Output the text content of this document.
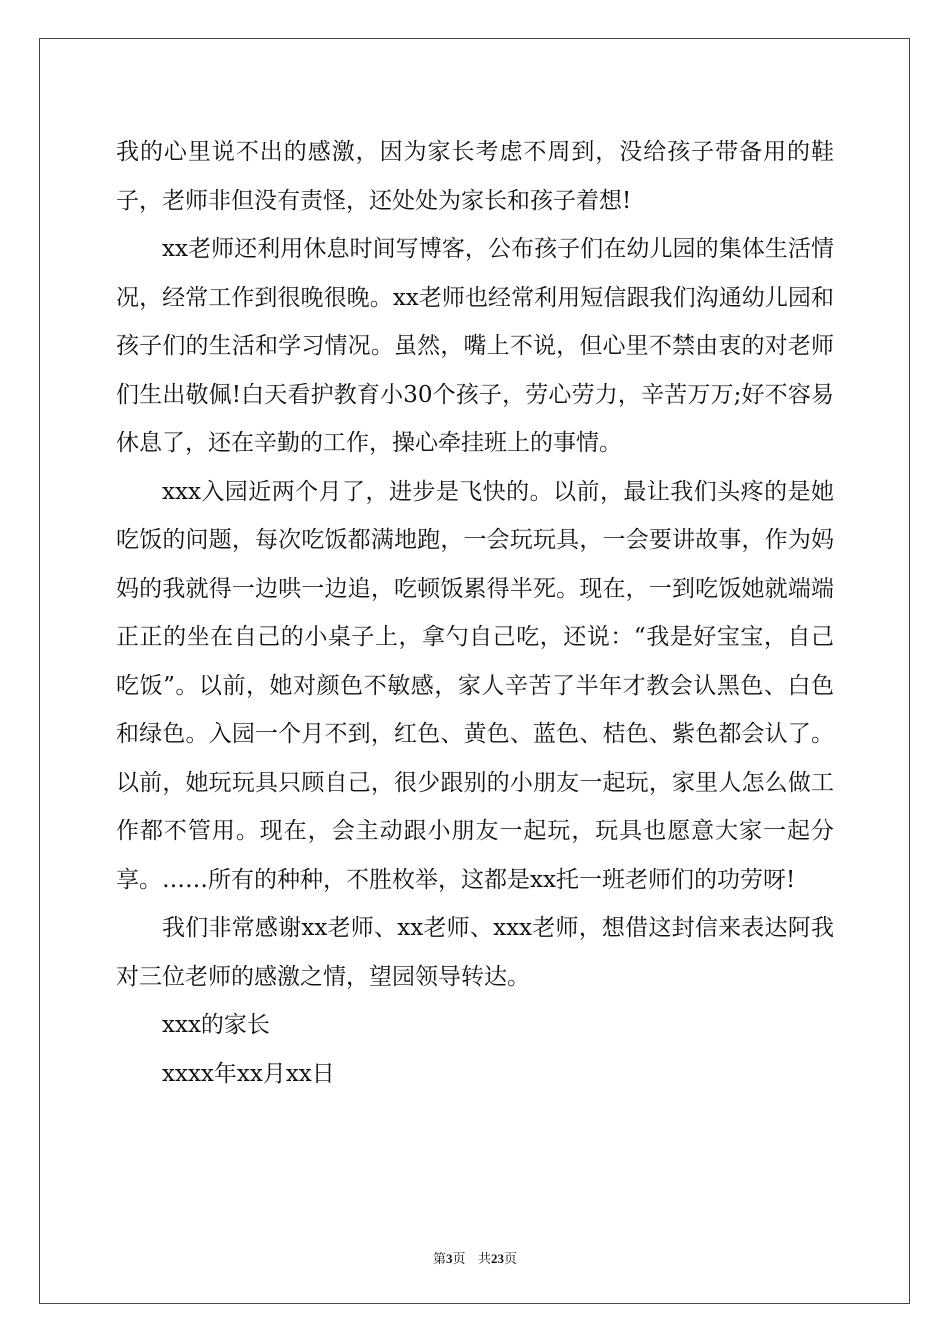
我的心里说不出的感激，因为家长考虑不周到，没给孩子带备用的鞋子，老师非但没有责怪，还处处为家长和孩子着想!

xx老师还利用休息时间写博客，公布孩子们在幼儿园的集体生活情况，经常工作到很晚很晚。xx老师也经常利用短信跟我们沟通幼儿园和孩子们的生活和学习情况。虽然，嘴上不说，但心里不禁由衷的对老师们生出敬佩!白天看护教育小30个孩子，劳心劳力，辛苦万万;好不容易休息了，还在辛勤的工作，操心牵挂班上的事情。

xxx入园近两个月了，进步是飞快的。以前，最让我们头疼的是她吃饭的问题，每次吃饭都满地跑，一会玩玩具，一会要讲故事，作为妈妈的我就得一边哄一边追，吃顿饭累得半死。现在，一到吃饭她就端端正正的坐在自己的小桌子上，拿勺自己吃，还说：“我是好宝宝，自己吃饭”。以前，她对颜色不敏感，家人辛苦了半年才教会认黑色、白色和绿色。入园一个月不到，红色、黄色、蓝色、桔色、紫色都会认了。以前，她玩玩具只顾自己，很少跟别的小朋友一起玩，家里人怎么做工作都不管用。现在，会主动跟小朋友一起玩，玩具也愿意大家一起分享。……所有的种种，不胜枚举，这都是xx托一班老师们的功劳呀!

我们非常感谢xx老师、xx老师、xxx老师，想借这封信来表达阿我对三位老师的感激之情，望园领导转达。

xxx的家长

xxxx年xx月xx日

第3页   共23页
